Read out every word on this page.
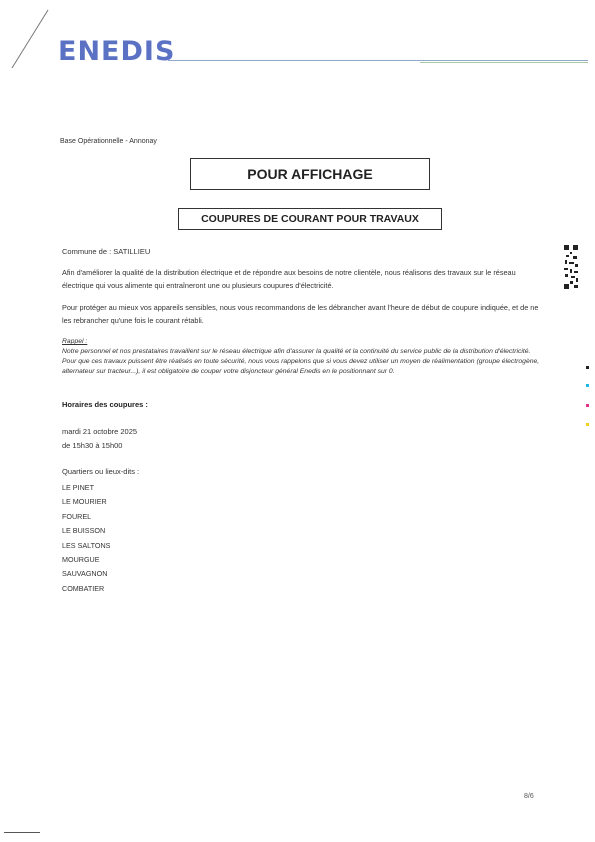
ENEDIS
Base Opérationnelle - Annonay
POUR AFFICHAGE
COUPURES DE COURANT POUR TRAVAUX
Commune de : SATILLIEU
Afin d'améliorer la qualité de la distribution électrique et de répondre aux besoins de notre clientèle, nous réalisons des travaux sur le réseau électrique qui vous alimente qui entraîneront une ou plusieurs coupures d'électricité.
Pour protéger au mieux vos appareils sensibles, nous vous recommandons de les débrancher avant l'heure de début de coupure indiquée, et de ne les rebrancher qu'une fois le courant rétabli.
Rappel :
Notre personnel et nos prestataires travaillent sur le réseau électrique afin d'assurer la qualité et la continuité du service public de la distribution d'électricité. Pour que ces travaux puissent être réalisés en toute sécurité, nous vous rappelons que si vous devez utiliser un moyen de réalimentation (groupe électrogène, alternateur sur tracteur...), il est obligatoire de couper votre disjoncteur général Enedis en le positionnant sur 0.
Horaires des coupures :
mardi 21 octobre 2025
de 15h30 à 15h00
Quartiers ou lieux-dits :
LE PINET
LE MOURIER
FOUREL
LE BUISSON
LES SALTONS
MOURGUE
SAUVAGNON
COMBATIER
8/6
